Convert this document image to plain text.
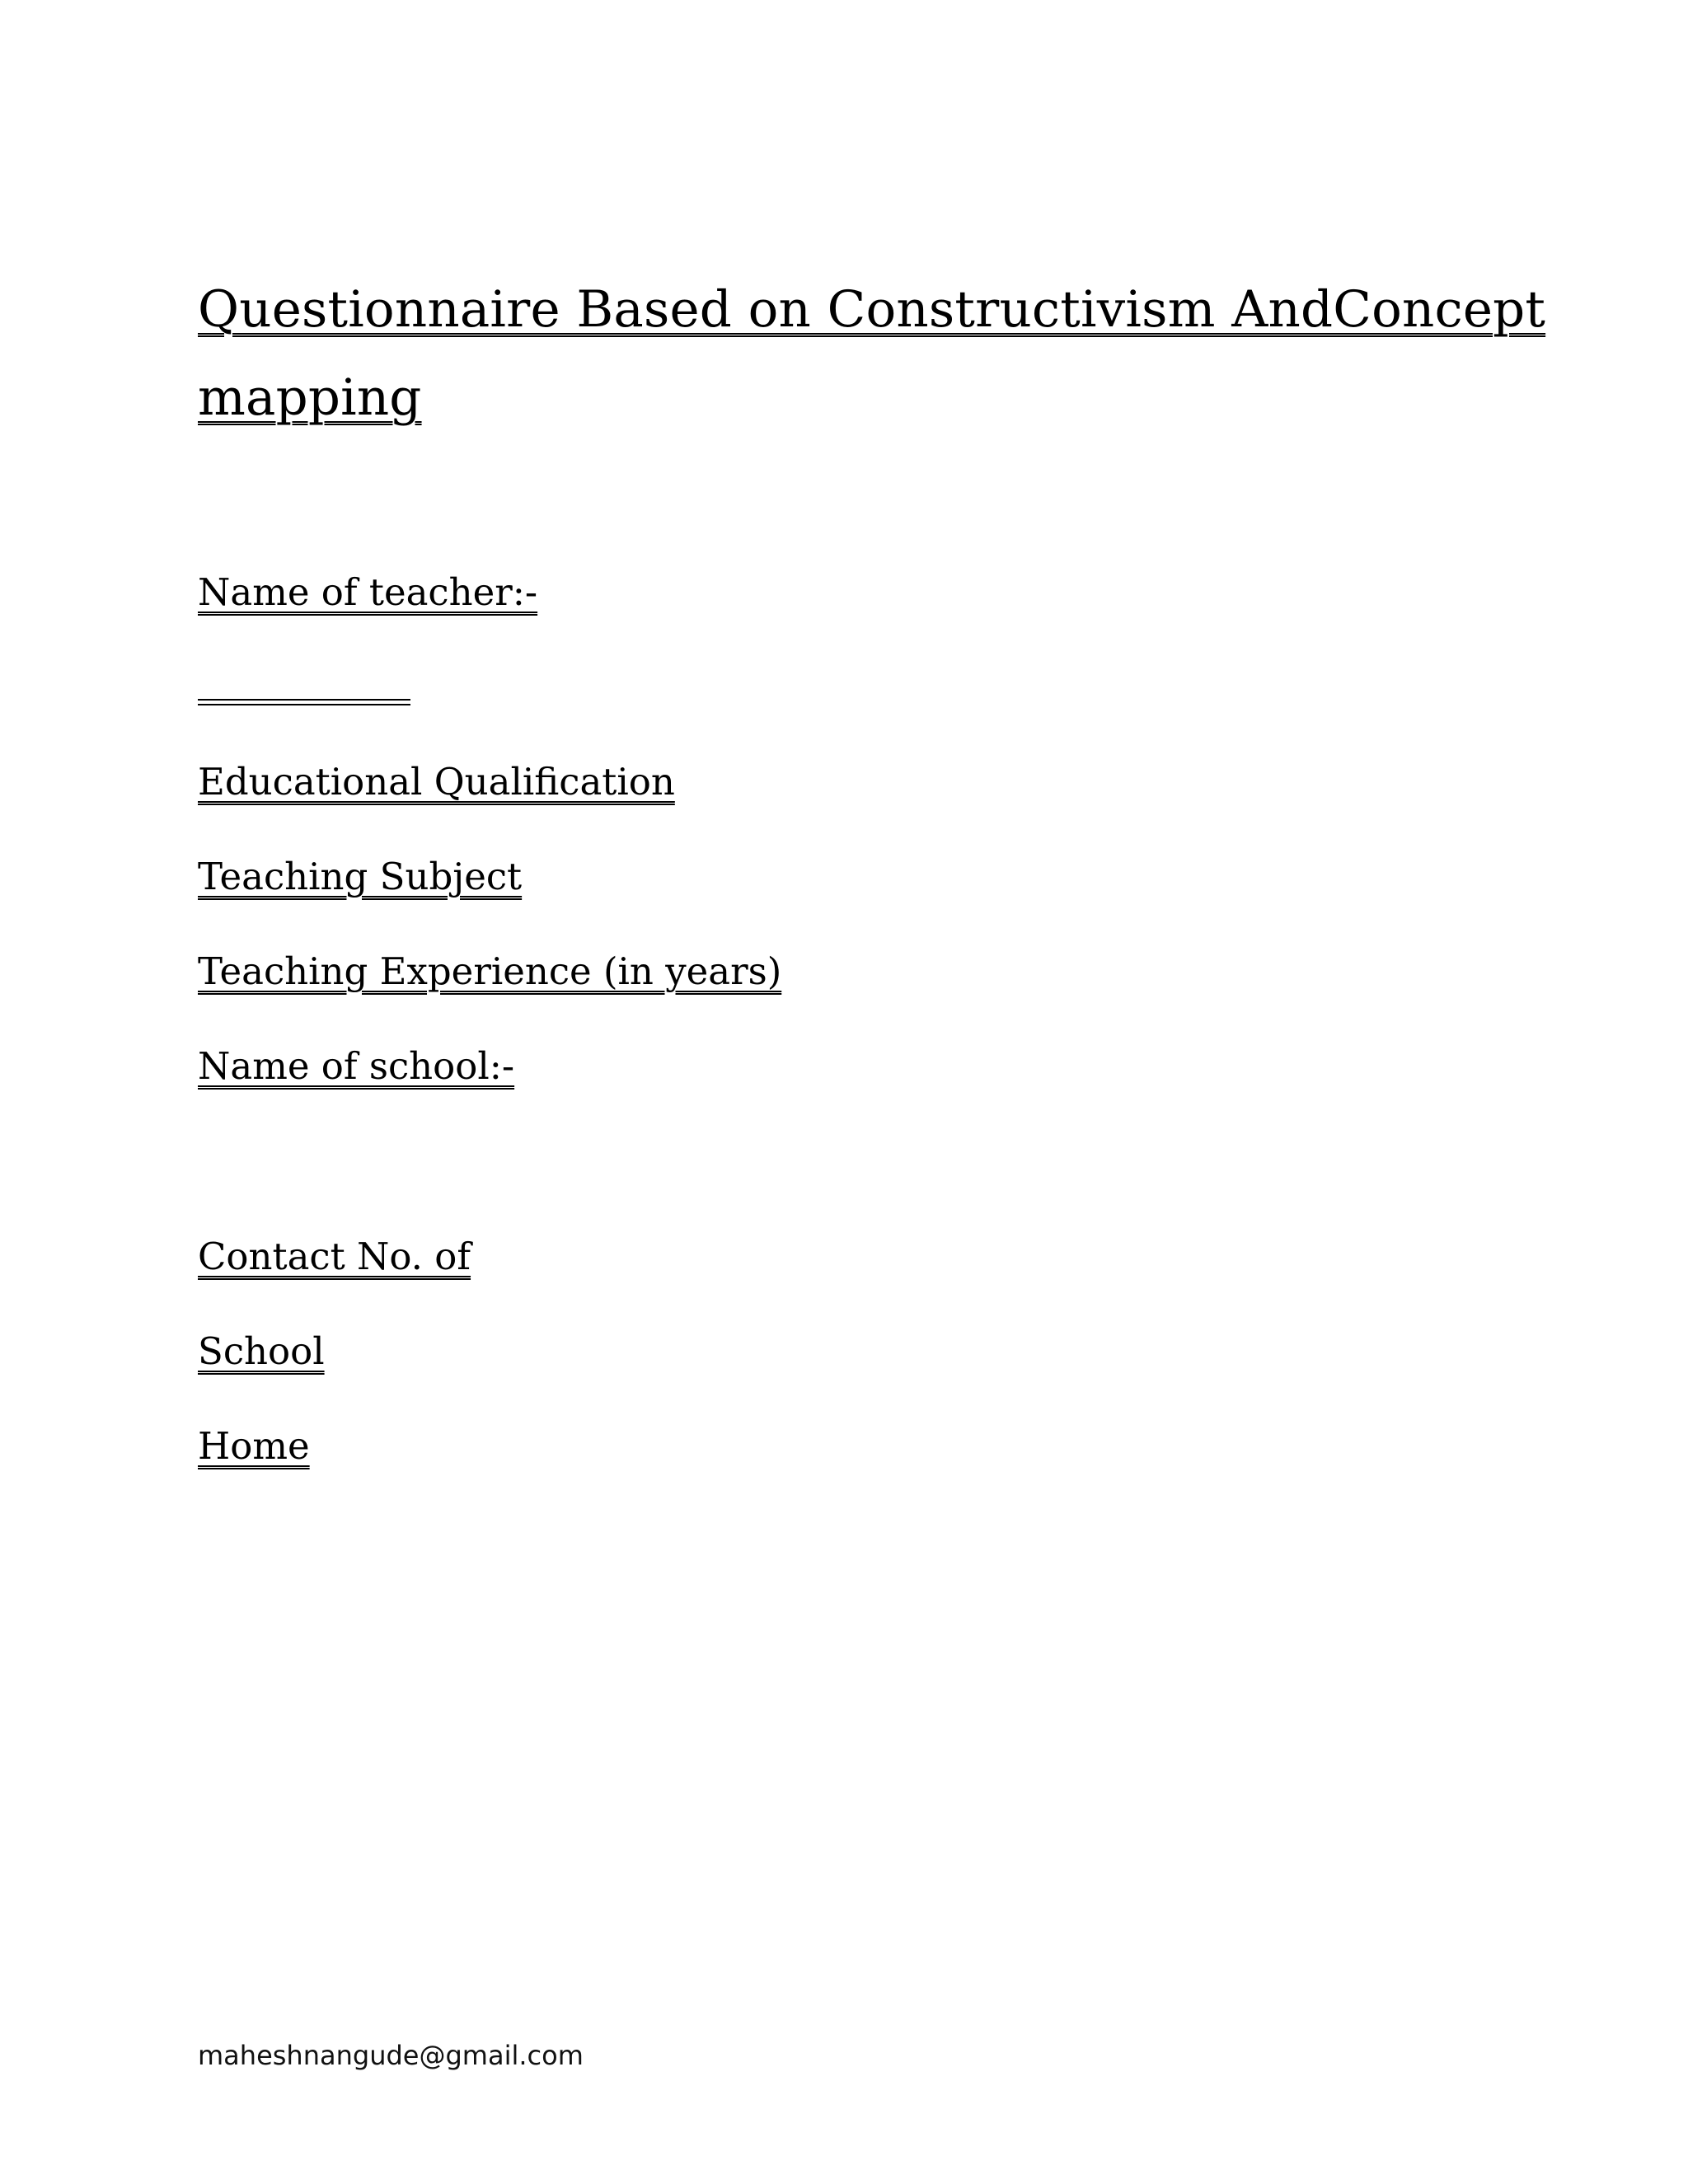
Questionnaire Based on Constructivism AndConcept
mapping
Name of teacher:-
Educational Qualification
Teaching Subject
Teaching Experience (in years)
Name of school:-
Contact No. of
School
Home
maheshnangude@gmail.com
